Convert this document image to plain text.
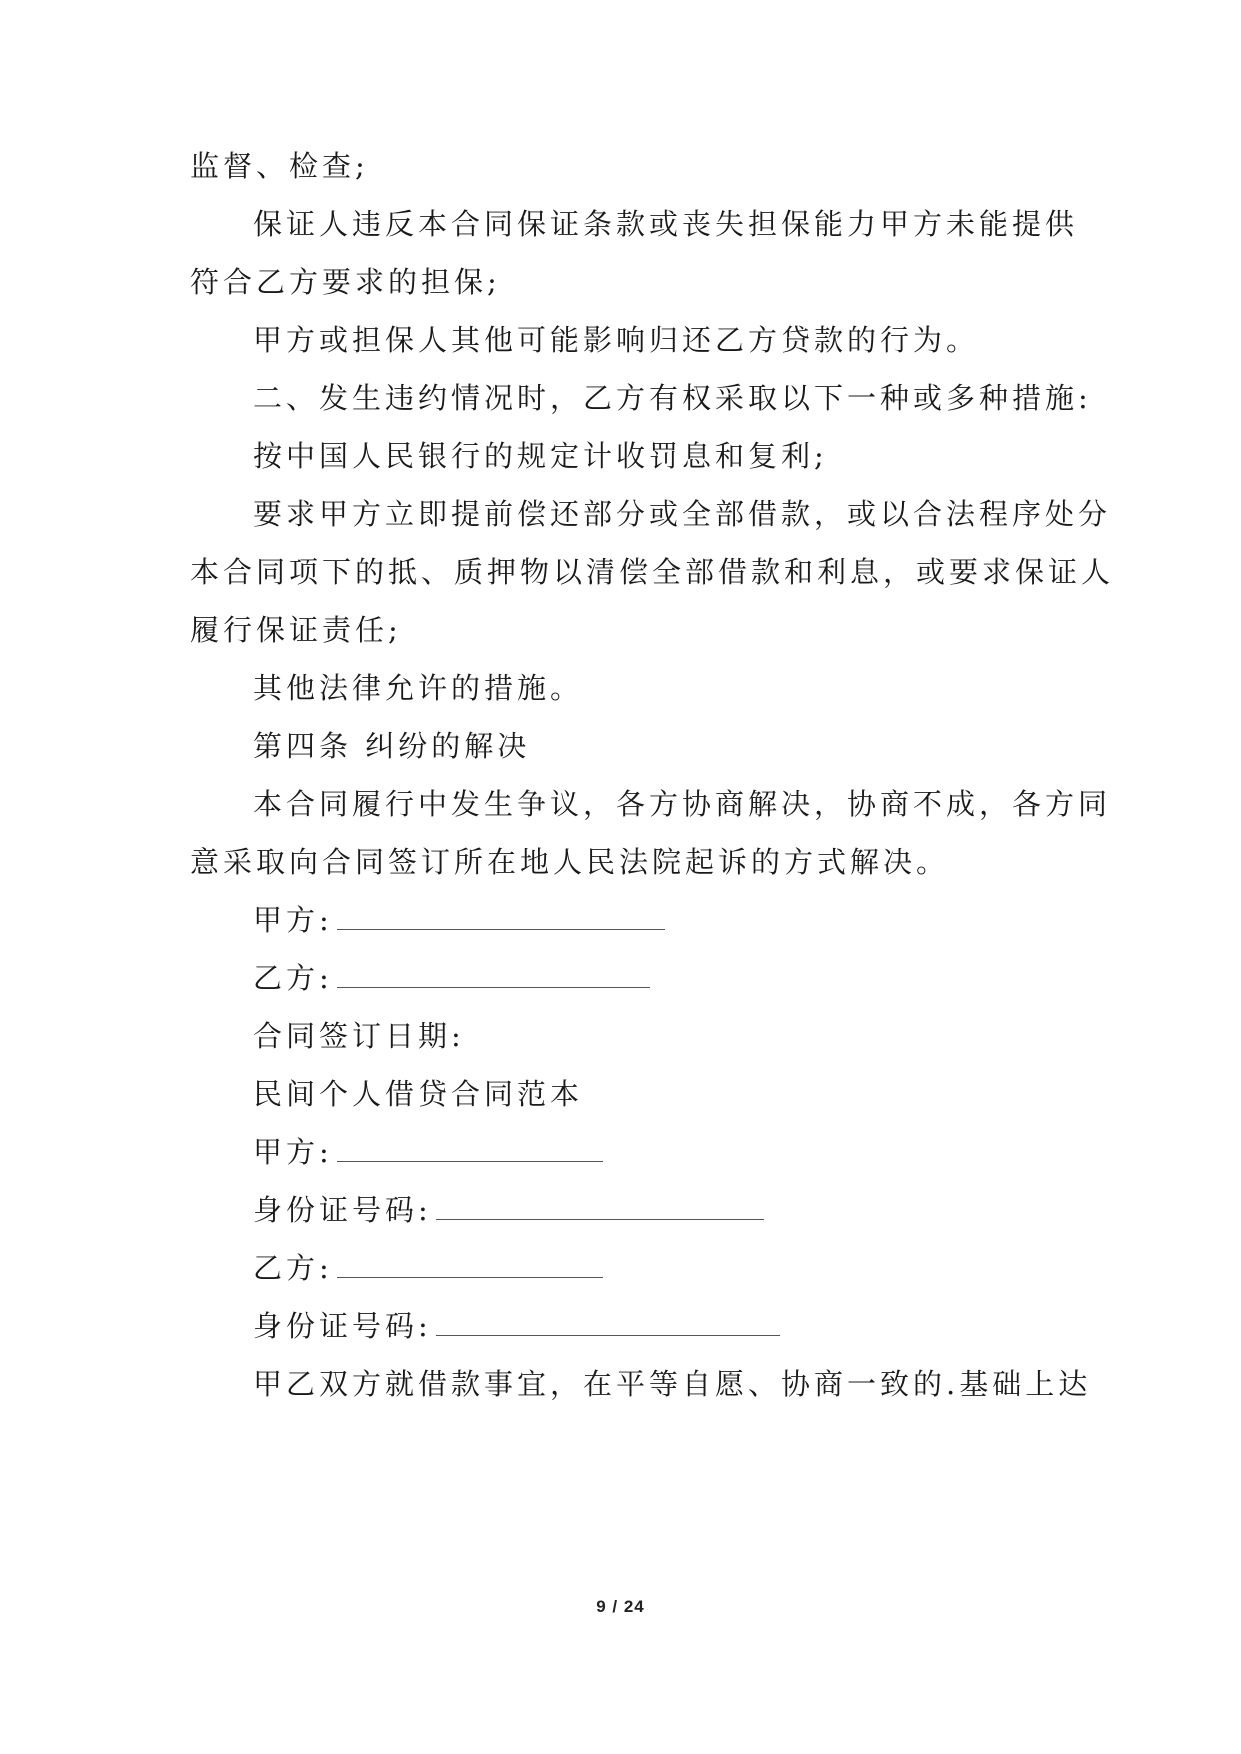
监督、检查;
保证人违反本合同保证条款或丧失担保能力甲方未能提供
符合乙方要求的担保;
甲方或担保人其他可能影响归还乙方贷款的行为。
二、发生违约情况时，乙方有权采取以下一种或多种措施:
按中国人民银行的规定计收罚息和复利;
要求甲方立即提前偿还部分或全部借款，或以合法程序处分
本合同项下的抵、质押物以清偿全部借款和利息，或要求保证人
履行保证责任;
其他法律允许的措施。
第四条 纠纷的解决
本合同履行中发生争议，各方协商解决，协商不成，各方同
意采取向合同签订所在地人民法院起诉的方式解决。
甲方:
乙方:
合同签订日期:
民间个人借贷合同范本
甲方:
身份证号码:
乙方:
身份证号码:
甲乙双方就借款事宜，在平等自愿、协商一致的.基础上达
9 / 24
